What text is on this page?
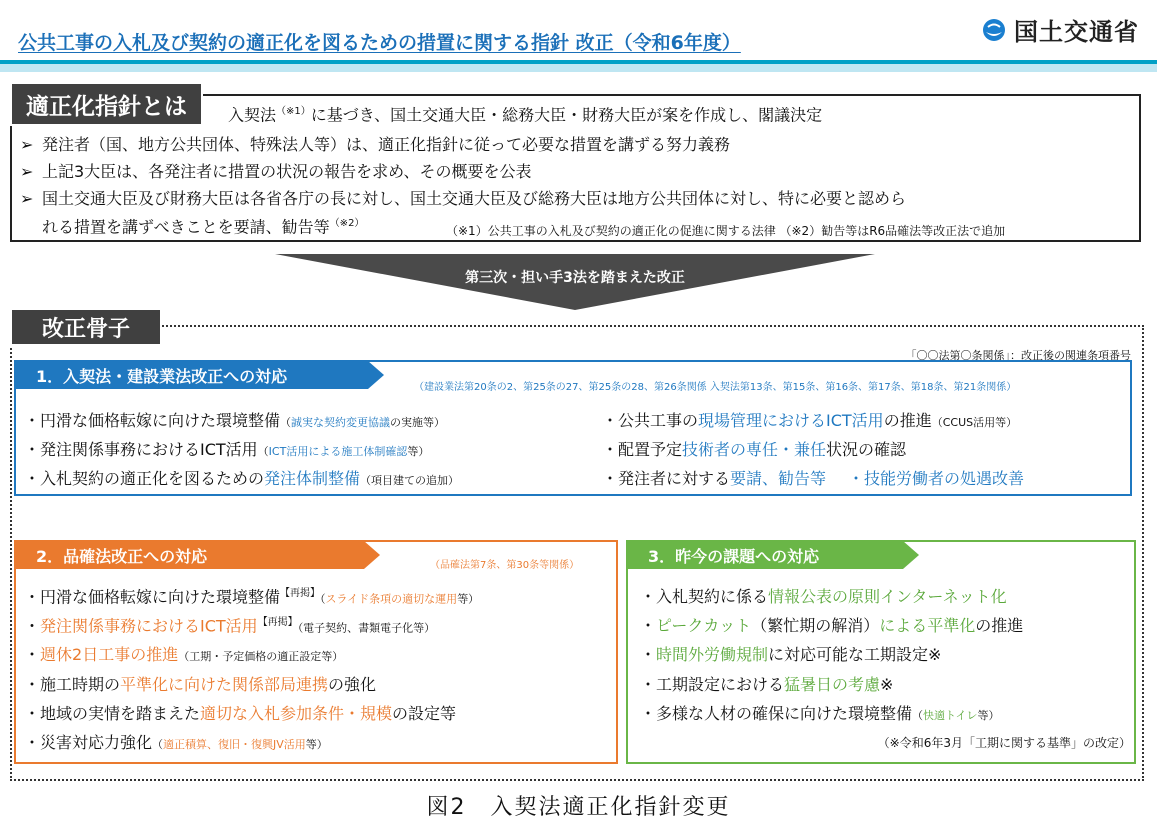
公共工事の入札及び契約の適正化を図るための措置に関する指針 改正（令和6年度）	国土交通省
適正化指針とは	入契法$^{(※1)}$に基づき、国土交通大臣・総務大臣・財務大臣が案を作成し、閣議決定
➢ 発注者（国、地方公共団体、特殊法人等）は、適正化指針に従って必要な措置を講ずる努力義務
➢ 上記3大臣は、各発注者に措置の状況の報告を求め、その概要を公表
➢ 国土交通大臣及び財務大臣は各省各庁の長に対し、国土交通大臣及び総務大臣は地方公共団体に対し、特に必要と認めら
れる措置を講ずべきことを要請、勧告等$^{(※2)}$
（※1）公共工事の入札及び契約の適正化の促進に関する法律 （※2）勧告等はR6品確法等改正法で追加
第三次・担い手3法を踏まえた改正
改正骨子
「〇〇法第〇条関係」：改正後の関連条項番号
1．入契法・建設業法改正への対応
（建設業法第20条の2、第25条の27、第25条の28、第26条関係 入契法第13条、第15条、第16条、第17条、第18条、第21条関係）
・円滑な価格転嫁に向けた環境整備（誠実な契約変更協議の実施等）
・発注関係事務におけるICT活用（ICT活用による施工体制確認等）
・入札契約の適正化を図るための発注体制整備（項目建ての追加）
・公共工事の現場管理におけるICT活用の推進（CCUS活用等）
・配置予定技術者の専任・兼任状況の確認
・発注者に対する要請、勧告等 ・技能労働者の処遇改善
2．品確法改正への対応	（品確法第7条、第30条等関係）
・円滑な価格転嫁に向けた環境整備$^{【再掲】}$（スライド条項の適切な運用等）
・発注関係事務におけるICT活用$^{【再掲】}$（電子契約、書類電子化等）
・週休2日工事の推進（工期・予定価格の適正設定等）
・施工時期の平準化に向けた関係部局連携の強化
・地域の実情を踏まえた適切な入札参加条件・規模の設定等
・災害対応力強化（適正積算、復旧・復興JV活用等）
3．昨今の課題への対応
・入札契約に係る情報公表の原則インターネット化
・ピークカット（繁忙期の解消）による平準化の推進
・時間外労働規制に対応可能な工期設定※
・工期設定における猛暑日の考慮※
・多様な人材の確保に向けた環境整備（快適トイレ等）
（※令和6年3月「工期に関する基準」の改定）
図2　入契法適正化指針変更
